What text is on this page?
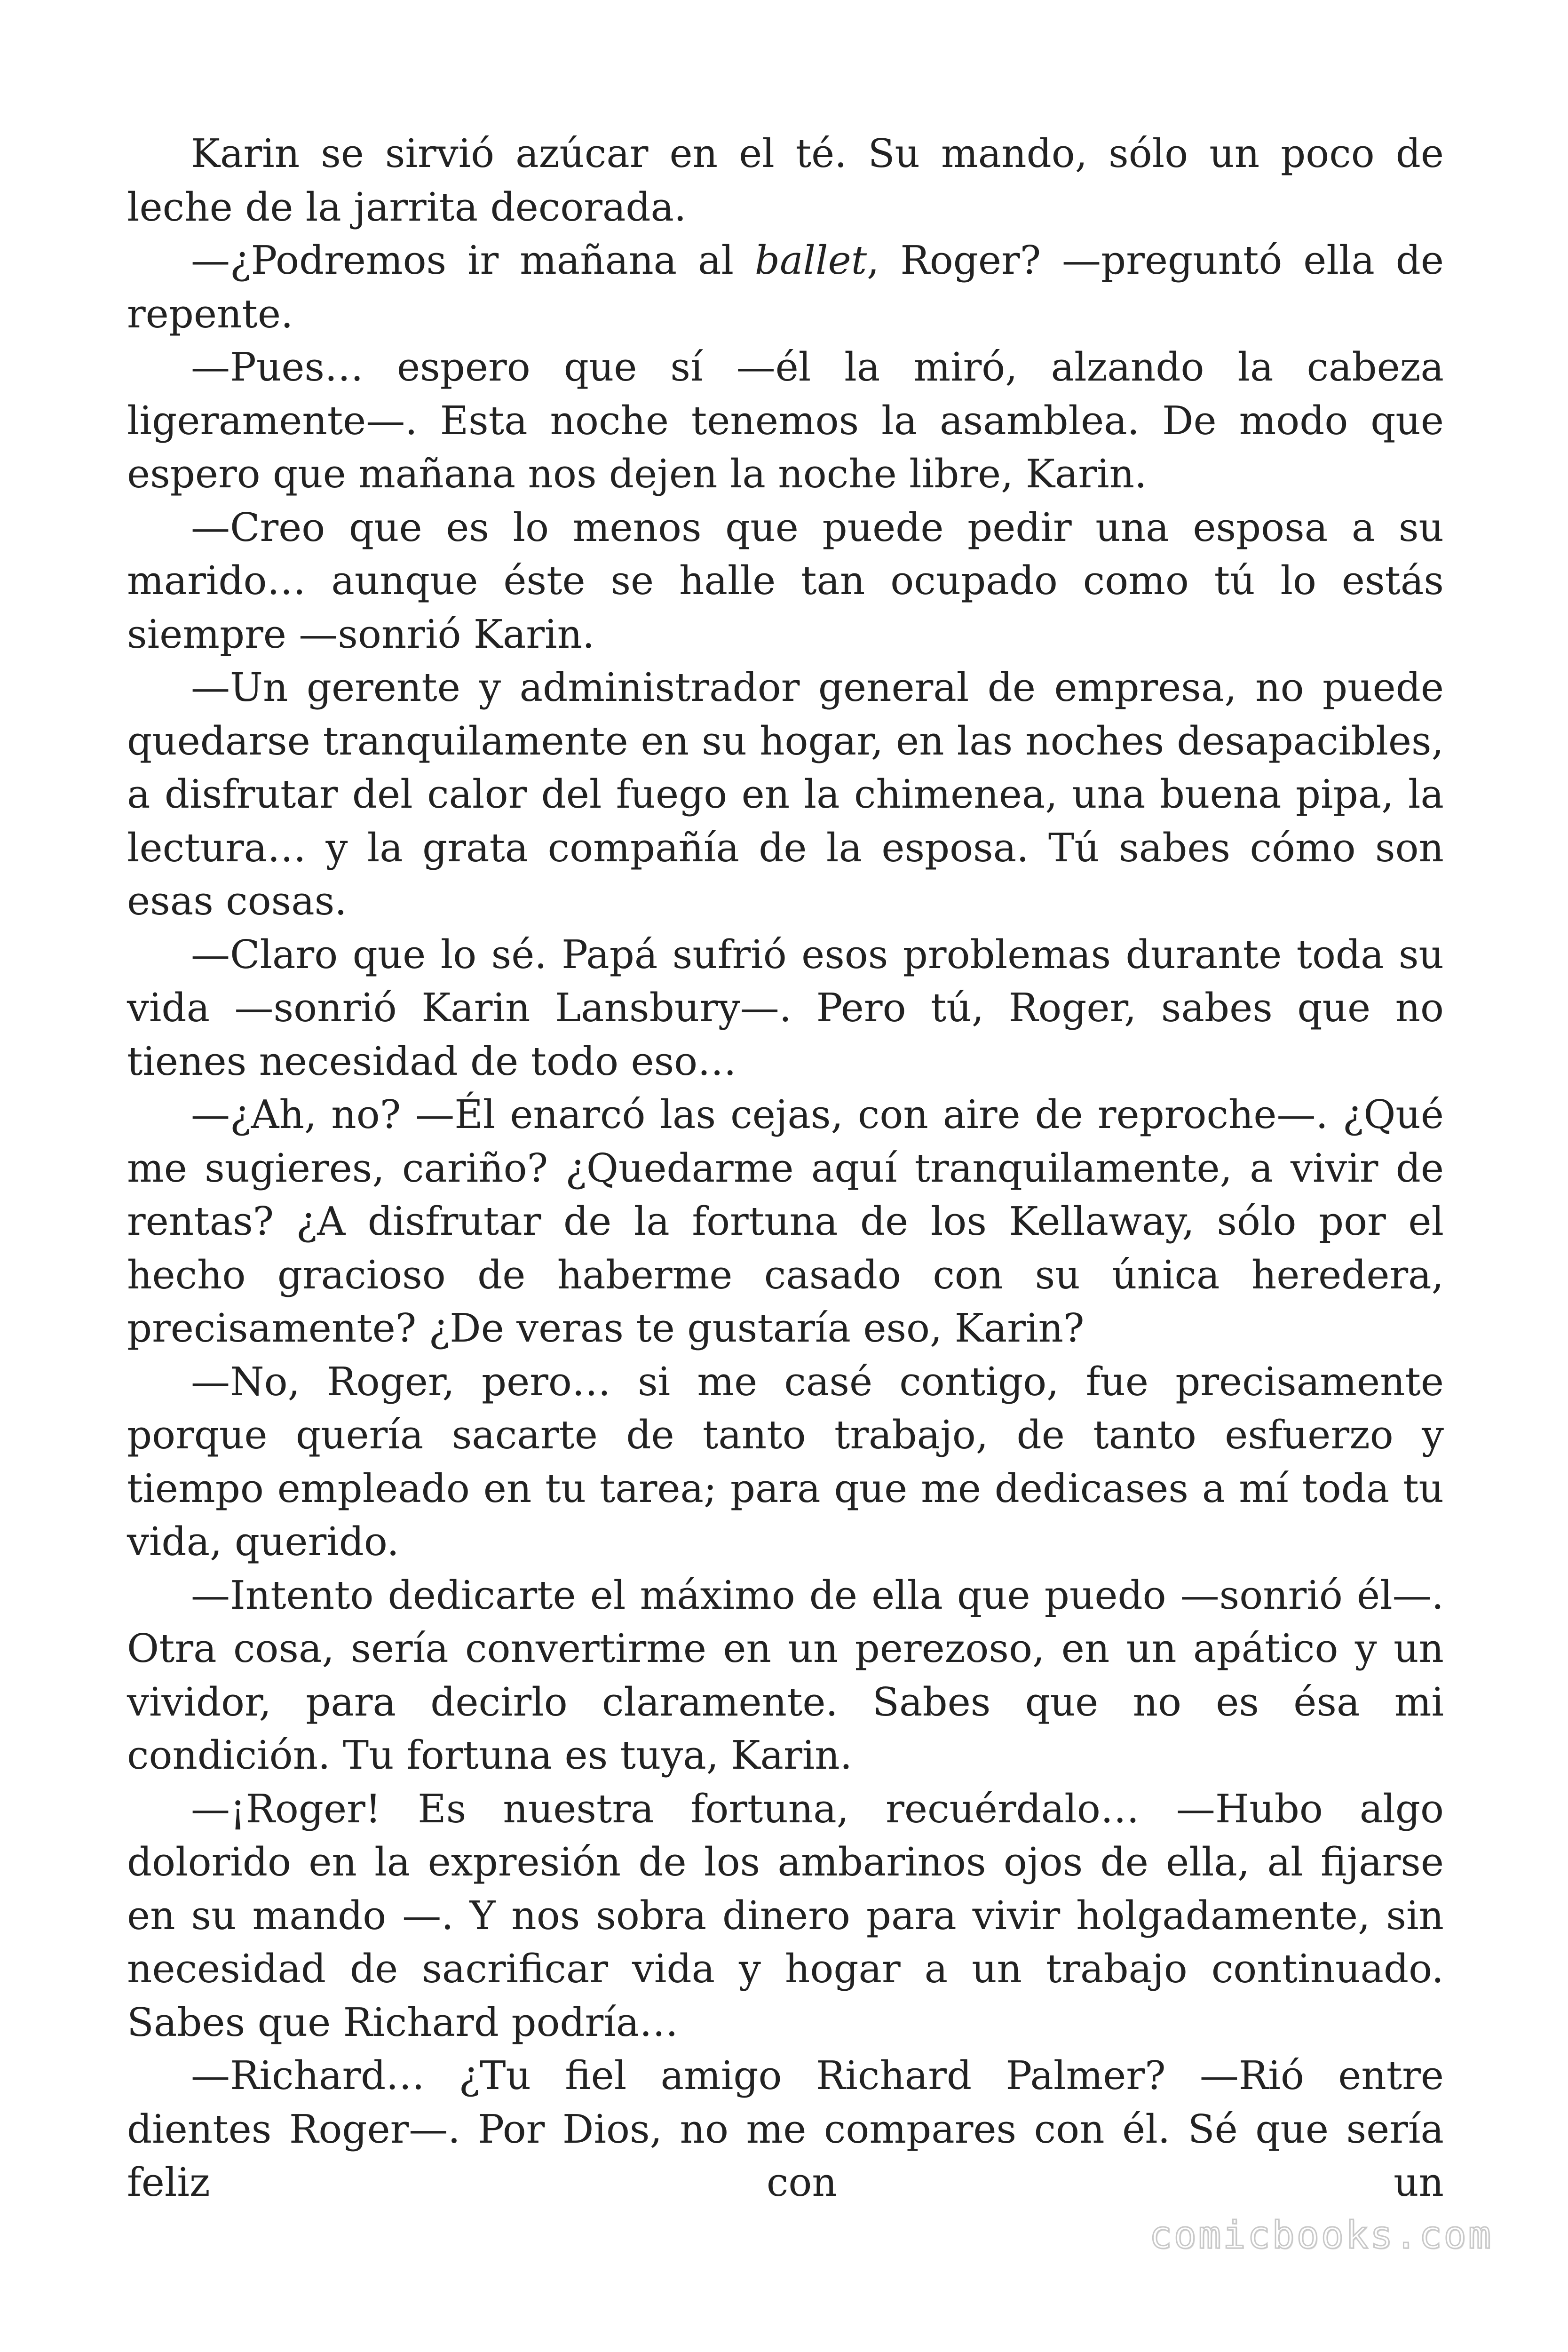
Karin se sirvió azúcar en el té. Su mando, sólo un poco de leche de la jarrita decorada.

—¿Podremos ir mañana al ballet, Roger? —preguntó ella de repente.

—Pues… espero que sí —él la miró, alzando la cabeza ligeramente—. Esta noche tenemos la asamblea. De modo que espero que mañana nos dejen la noche libre, Karin.

—Creo que es lo menos que puede pedir una esposa a su marido… aunque éste se halle tan ocupado como tú lo estás siempre —sonrió Karin.

—Un gerente y administrador general de empresa, no puede quedarse tranquilamente en su hogar, en las noches desapacibles, a disfrutar del calor del fuego en la chimenea, una buena pipa, la lectura… y la grata compañía de la esposa. Tú sabes cómo son esas cosas.

—Claro que lo sé. Papá sufrió esos problemas durante toda su vida —sonrió Karin Lansbury—. Pero tú, Roger, sabes que no tienes necesidad de todo eso…

—¿Ah, no? —Él enarcó las cejas, con aire de reproche—. ¿Qué me sugieres, cariño? ¿Quedarme aquí tranquilamente, a vivir de rentas? ¿A disfrutar de la fortuna de los Kellaway, sólo por el hecho gracioso de haberme casado con su única heredera, precisamente? ¿De veras te gustaría eso, Karin?

—No, Roger, pero… si me casé contigo, fue precisamente porque quería sacarte de tanto trabajo, de tanto esfuerzo y tiempo empleado en tu tarea; para que me dedicases a mí toda tu vida, querido.

—Intento dedicarte el máximo de ella que puedo —sonrió él—. Otra cosa, sería convertirme en un perezoso, en un apático y un vividor, para decirlo claramente. Sabes que no es ésa mi condición. Tu fortuna es tuya, Karin.

—¡Roger! Es nuestra fortuna, recuérdalo… —Hubo algo dolorido en la expresión de los ambarinos ojos de ella, al fijarse en su mando —. Y nos sobra dinero para vivir holgadamente, sin necesidad de sacrificar vida y hogar a un trabajo continuado. Sabes que Richard podría…

—Richard… ¿Tu fiel amigo Richard Palmer? —Rió entre dientes Roger—. Por Dios, no me compares con él. Sé que sería feliz con un

comicbooks.com
